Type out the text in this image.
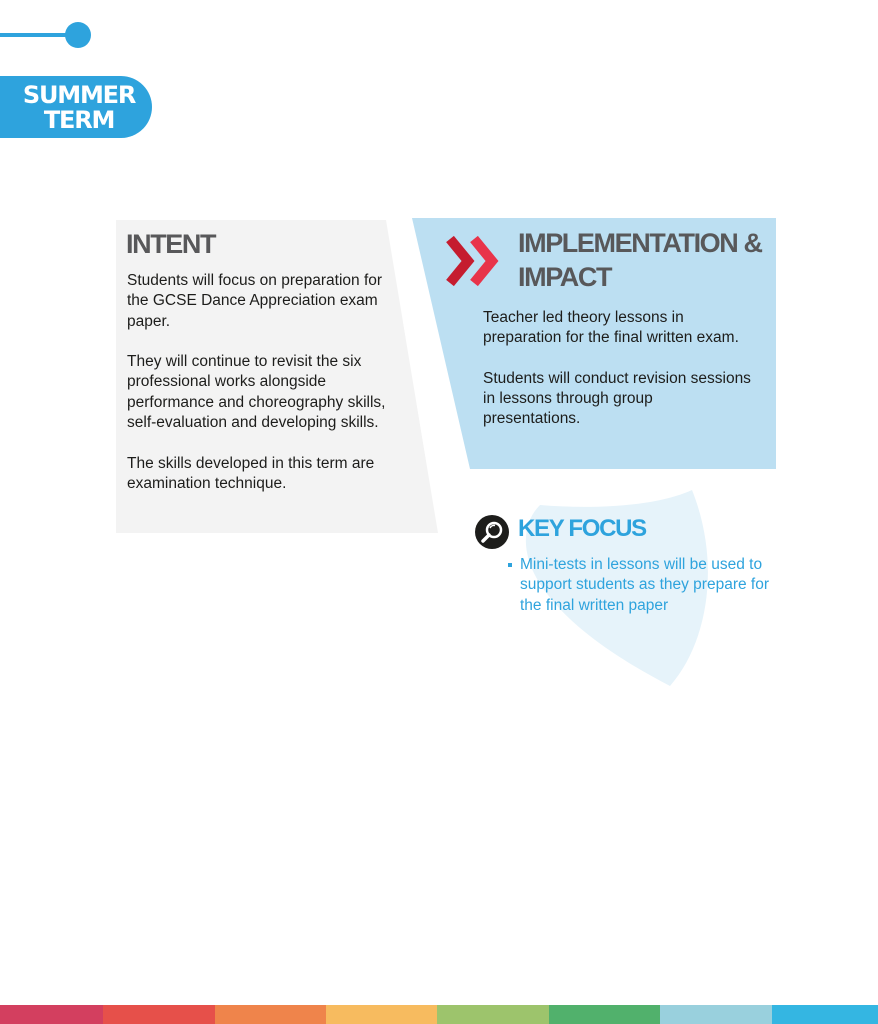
SUMMER
TERM
INTENT

Students will focus on preparation for the GCSE Dance Appreciation exam paper.

They will continue to revisit the six professional works alongside performance and choreography skills, self-evaluation and developing skills.

The skills developed in this term are examination technique.

IMPLEMENTATION & IMPACT

Teacher led theory lessons in preparation for the final written exam.

Students will conduct revision sessions in lessons through group presentations.

KEY FOCUS
Mini-tests in lessons will be used to support students as they prepare for the final written paper
